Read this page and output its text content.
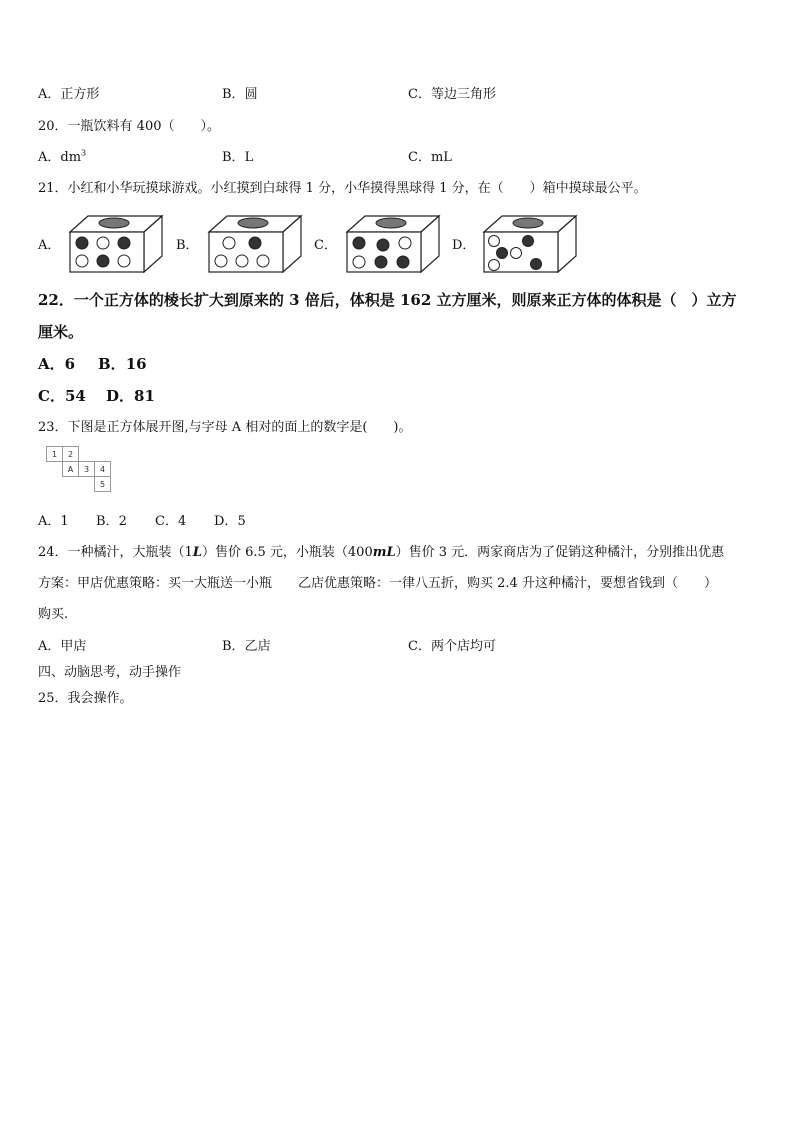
A．正方形	B．圆	C．等边三角形
20．一瓶饮料有 400（　　）。
A．$dm^3$	B．L	C．mL
21．小红和小华玩摸球游戏。小红摸到白球得 1 分，小华摸得黑球得 1 分，在（　　）箱中摸球最公平。
A．	B．	C．	D．
22．一个正方体的棱长扩大到原来的 3 倍后，体积是 162 立方厘米，则原来正方体的体积是（　）立方
厘米。
A．6 B．16
C．54 D．81
23．下图是正方体展开图,与字母 A 相对的面上的数字是(　　)。
1	2
A	3	4
5
A．1 B．2 C．4 D．5
24．一种橘汁，大瓶装（1L）售价 6.5 元，小瓶装（400mL）售价 3 元．两家商店为了促销这种橘汁，分别推出优惠
方案：甲店优惠策略：买一大瓶送一小瓶　　乙店优惠策略：一律八五折，购买 2.4 升这种橘汁，要想省钱到（　　）
购买.
A．甲店	B．乙店	C．两个店均可
四、动脑思考，动手操作
25．我会操作。
